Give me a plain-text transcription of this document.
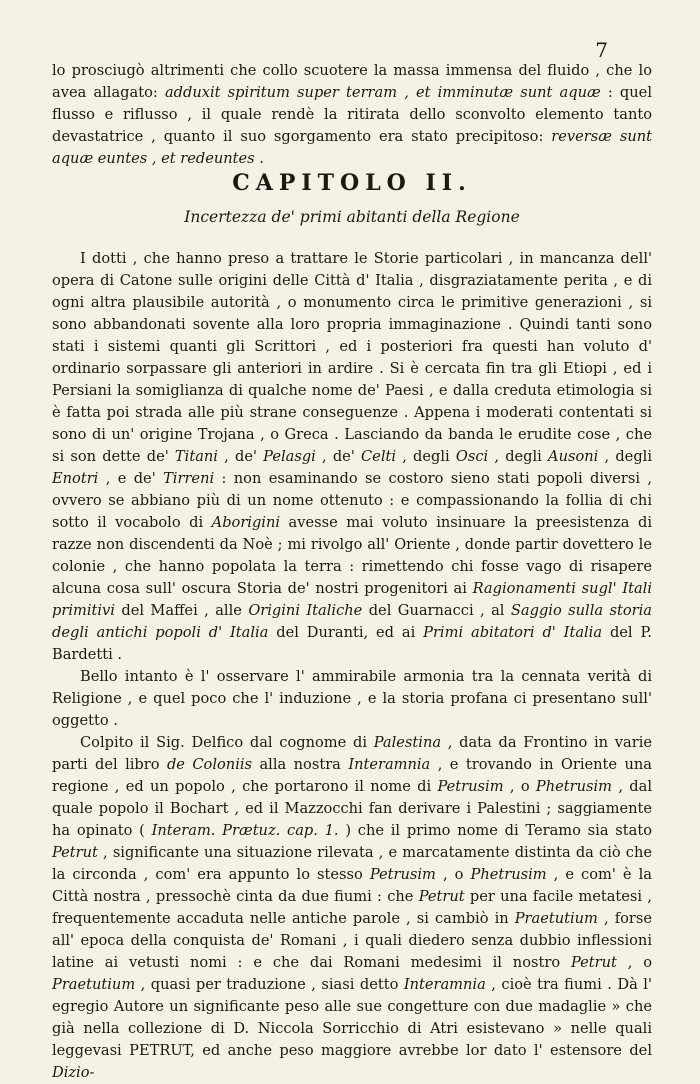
7

lo prosciugò altrimenti che collo scuotere la massa immensa del fluido , che lo avea allagato: adduxit spiritum super terram , et imminutæ sunt aquæ : quel flusso e riflusso , il quale rendè la ritirata dello sconvolto elemento tanto devastatrice , quanto il suo sgorgamento era stato precipitoso: reversæ sunt aquæ euntes , et redeuntes .

CAPITOLO II.

Incertezza de' primi abitanti della Regione

I dotti , che hanno preso a trattare le Storie particolari , in mancanza dell' opera di Catone sulle origini delle Città d' Italia , disgraziatamente perita , e di ogni altra plausibile autorità , o monumento circa le primitive generazioni , si sono abbandonati sovente alla loro propria immaginazione . Quindi tanti sono stati i sistemi quanti gli Scrittori , ed i posteriori fra questi han voluto d' ordinario sorpassare gli anteriori in ardire . Si è cercata fin tra gli Etiopi , ed i Persiani la somiglianza di qualche nome de' Paesi , e dalla creduta etimologia si è fatta poi strada alle più strane conseguenze . Appena i moderati contentati si sono di un' origine Trojana , o Greca . Lasciando da banda le erudite cose , che si son dette de' Titani , de' Pelasgi , de' Celti , degli Osci , degli Ausoni , degli Enotri , e de' Tirreni : non esaminando se costoro sieno stati popoli diversi , ovvero se abbiano più di un nome ottenuto : e compassionando la follia di chi sotto il vocabolo di Aborigini avesse mai voluto insinuare la preesistenza di razze non discendenti da Noè ; mi rivolgo all' Oriente , donde partir dovettero le colonie , che hanno popolata la terra : rimettendo chi fosse vago di risapere alcuna cosa sull' oscura Storia de' nostri progenitori ai Ragionamenti sugl' Itali primitivi del Maffei , alle Origini Italiche del Guarnacci , al Saggio sulla storia degli antichi popoli d' Italia del Duranti, ed ai Primi abitatori d' Italia del P. Bardetti .

Bello intanto è l' osservare l' ammirabile armonia tra la cennata verità di Religione , e quel poco che l' induzione , e la storia profana ci presentano sull' oggetto .

Colpito il Sig. Delfico dal cognome di Palestina , data da Frontino in varie parti del libro de Coloniis alla nostra Interamnia , e trovando in Oriente una regione , ed un popolo , che portarono il nome di Petrusim , o Phetrusim , dal quale popolo il Bochart , ed il Mazzocchi fan derivare i Palestini ; saggiamente ha opinato ( Interam. Prætuz. cap. 1. ) che il primo nome di Teramo sia stato Petrut , significante una situazione rilevata , e marcatamente distinta da ciò che la circonda , com' era appunto lo stesso Petrusim , o Phetrusim , e com' è la Città nostra , pressochè cinta da due fiumi : che Petrut per una facile metatesi , frequentemente accaduta nelle antiche parole , si cambiò in Praetutium , forse all' epoca della conquista de' Romani , i quali diedero senza dubbio inflessioni latine ai vetusti nomi : e che dai Romani medesimi il nostro Petrut , o Praetutium , quasi per traduzione , siasi detto Interamnia , cioè tra fiumi . Dà l' egregio Autore un significante peso alle sue congetture con due madaglie » che già nella collezione di D. Niccola Sorricchio di Atri esistevano » nelle quali leggevasi PETRUT, ed anche peso maggiore avrebbe lor dato l' estensore del Dizio-
